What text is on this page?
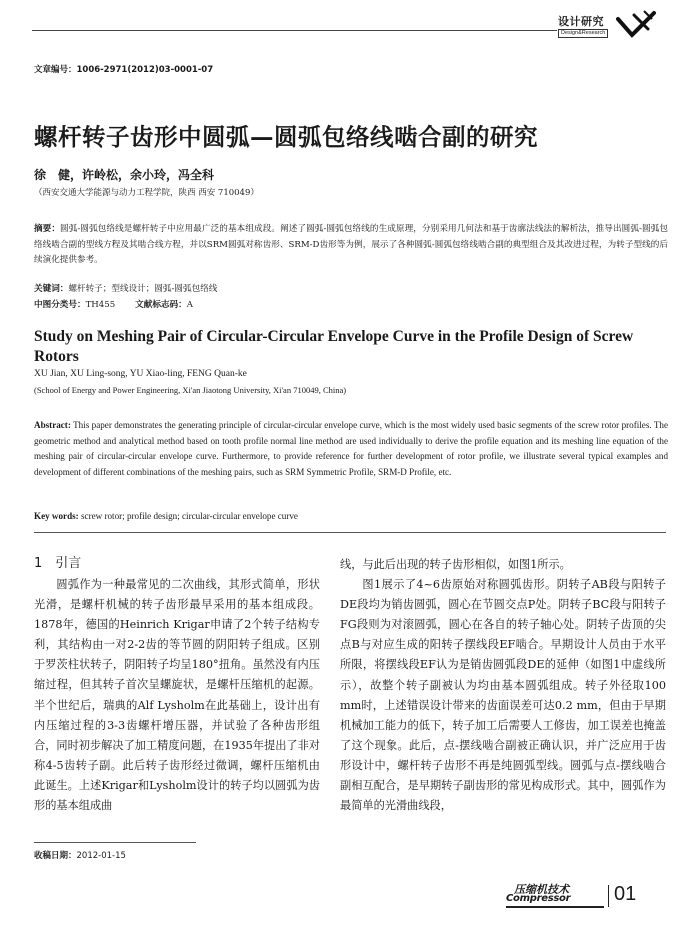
设计研究
Design&Research
文章编号：1006-2971(2012)03-0001-07
螺杆转子齿形中圆弧—圆弧包络线啮合副的研究
徐　健，许岭松，余小玲，冯全科
（西安交通大学能源与动力工程学院，陕西 西安 710049）
摘要：圆弧-圆弧包络线是螺杆转子中应用最广泛的基本组成段。阐述了圆弧-圆弧包络线的生成原理，分别采用几何法和基于齿廓法线法的解析法，推导出圆弧-圆弧包络线啮合副的型线方程及其啮合线方程，并以SRM圆弧对称齿形、SRM-D齿形等为例，展示了各种圆弧-圆弧包络线啮合副的典型组合及其改进过程，为转子型线的后续演化提供参考。
关键词：螺杆转子；型线设计；圆弧-圆弧包络线
中图分类号：TH455    文献标志码：A
Study on Meshing Pair of Circular-Circular Envelope Curve in the Profile Design of Screw Rotors
XU Jian, XU Ling-song, YU Xiao-ling, FENG Quan-ke
(School of Energy and Power Engineering, Xi'an Jiaotong University, Xi'an 710049, China)
Abstract: This paper demonstrates the generating principle of circular-circular envelope curve, which is the most widely used basic segments of the screw rotor profiles. The geometric method and analytical method based on tooth profile normal line method are used individually to derive the profile equation and its meshing line equation of the meshing pair of circular-circular envelope curve. Furthermore, to provide reference for further development of rotor profile, we illustrate several typical examples and development of different combinations of the meshing pairs, such as SRM Symmetric Profile, SRM-D Profile, etc.
Key words: screw rotor; profile design; circular-circular envelope curve
1　引言

圆弧作为一种最常见的二次曲线，其形式简单，形状光滑，是螺杆机械的转子齿形最早采用的基本组成段。1878年，德国的Heinrich Krigar申请了2个转子结构专利，其结构由一对2-2齿的等节圆的阴阳转子组成。区别于罗茨柱状转子，阴阳转子均呈180°扭角。虽然没有内压缩过程，但其转子首次呈螺旋状，是螺杆压缩机的起源。半个世纪后，瑞典的Alf Lysholm在此基础上，设计出有内压缩过程的3-3齿螺杆增压器，并试验了各种齿形组合，同时初步解决了加工精度问题，在1935年提出了非对称4-5齿转子副。此后转子齿形经过微调，螺杆压缩机由此诞生。上述Krigar和Lysholm设计的转子均以圆弧为齿形的基本组成曲

线，与此后出现的转子齿形相似，如图1所示。

图1展示了4~6齿原始对称圆弧齿形。阴转子AB段与阳转子DE段均为销齿圆弧，圆心在节圆交点P处。阴转子BC段与阳转子FG段则为对滚圆弧，圆心在各自的转子轴心处。阴转子齿顶的尖点B与对应生成的阳转子摆线段EF啮合。早期设计人员由于水平所限，将摆线段EF认为是销齿圆弧段DE的延伸（如图1中虚线所示），故整个转子副被认为均由基本圆弧组成。转子外径取100 mm时，上述错误设计带来的齿面误差可达0.2 mm，但由于早期机械加工能力的低下，转子加工后需要人工修齿，加工误差也掩盖了这个现象。此后，点-摆线啮合副被正确认识，并广泛应用于齿形设计中，螺杆转子齿形不再是纯圆弧型线。圆弧与点-摆线啮合副相互配合，是早期转子副齿形的常见构成形式。其中，圆弧作为最简单的光滑曲线段，

收稿日期：2012-01-15
压缩机技术
Compressor 01
